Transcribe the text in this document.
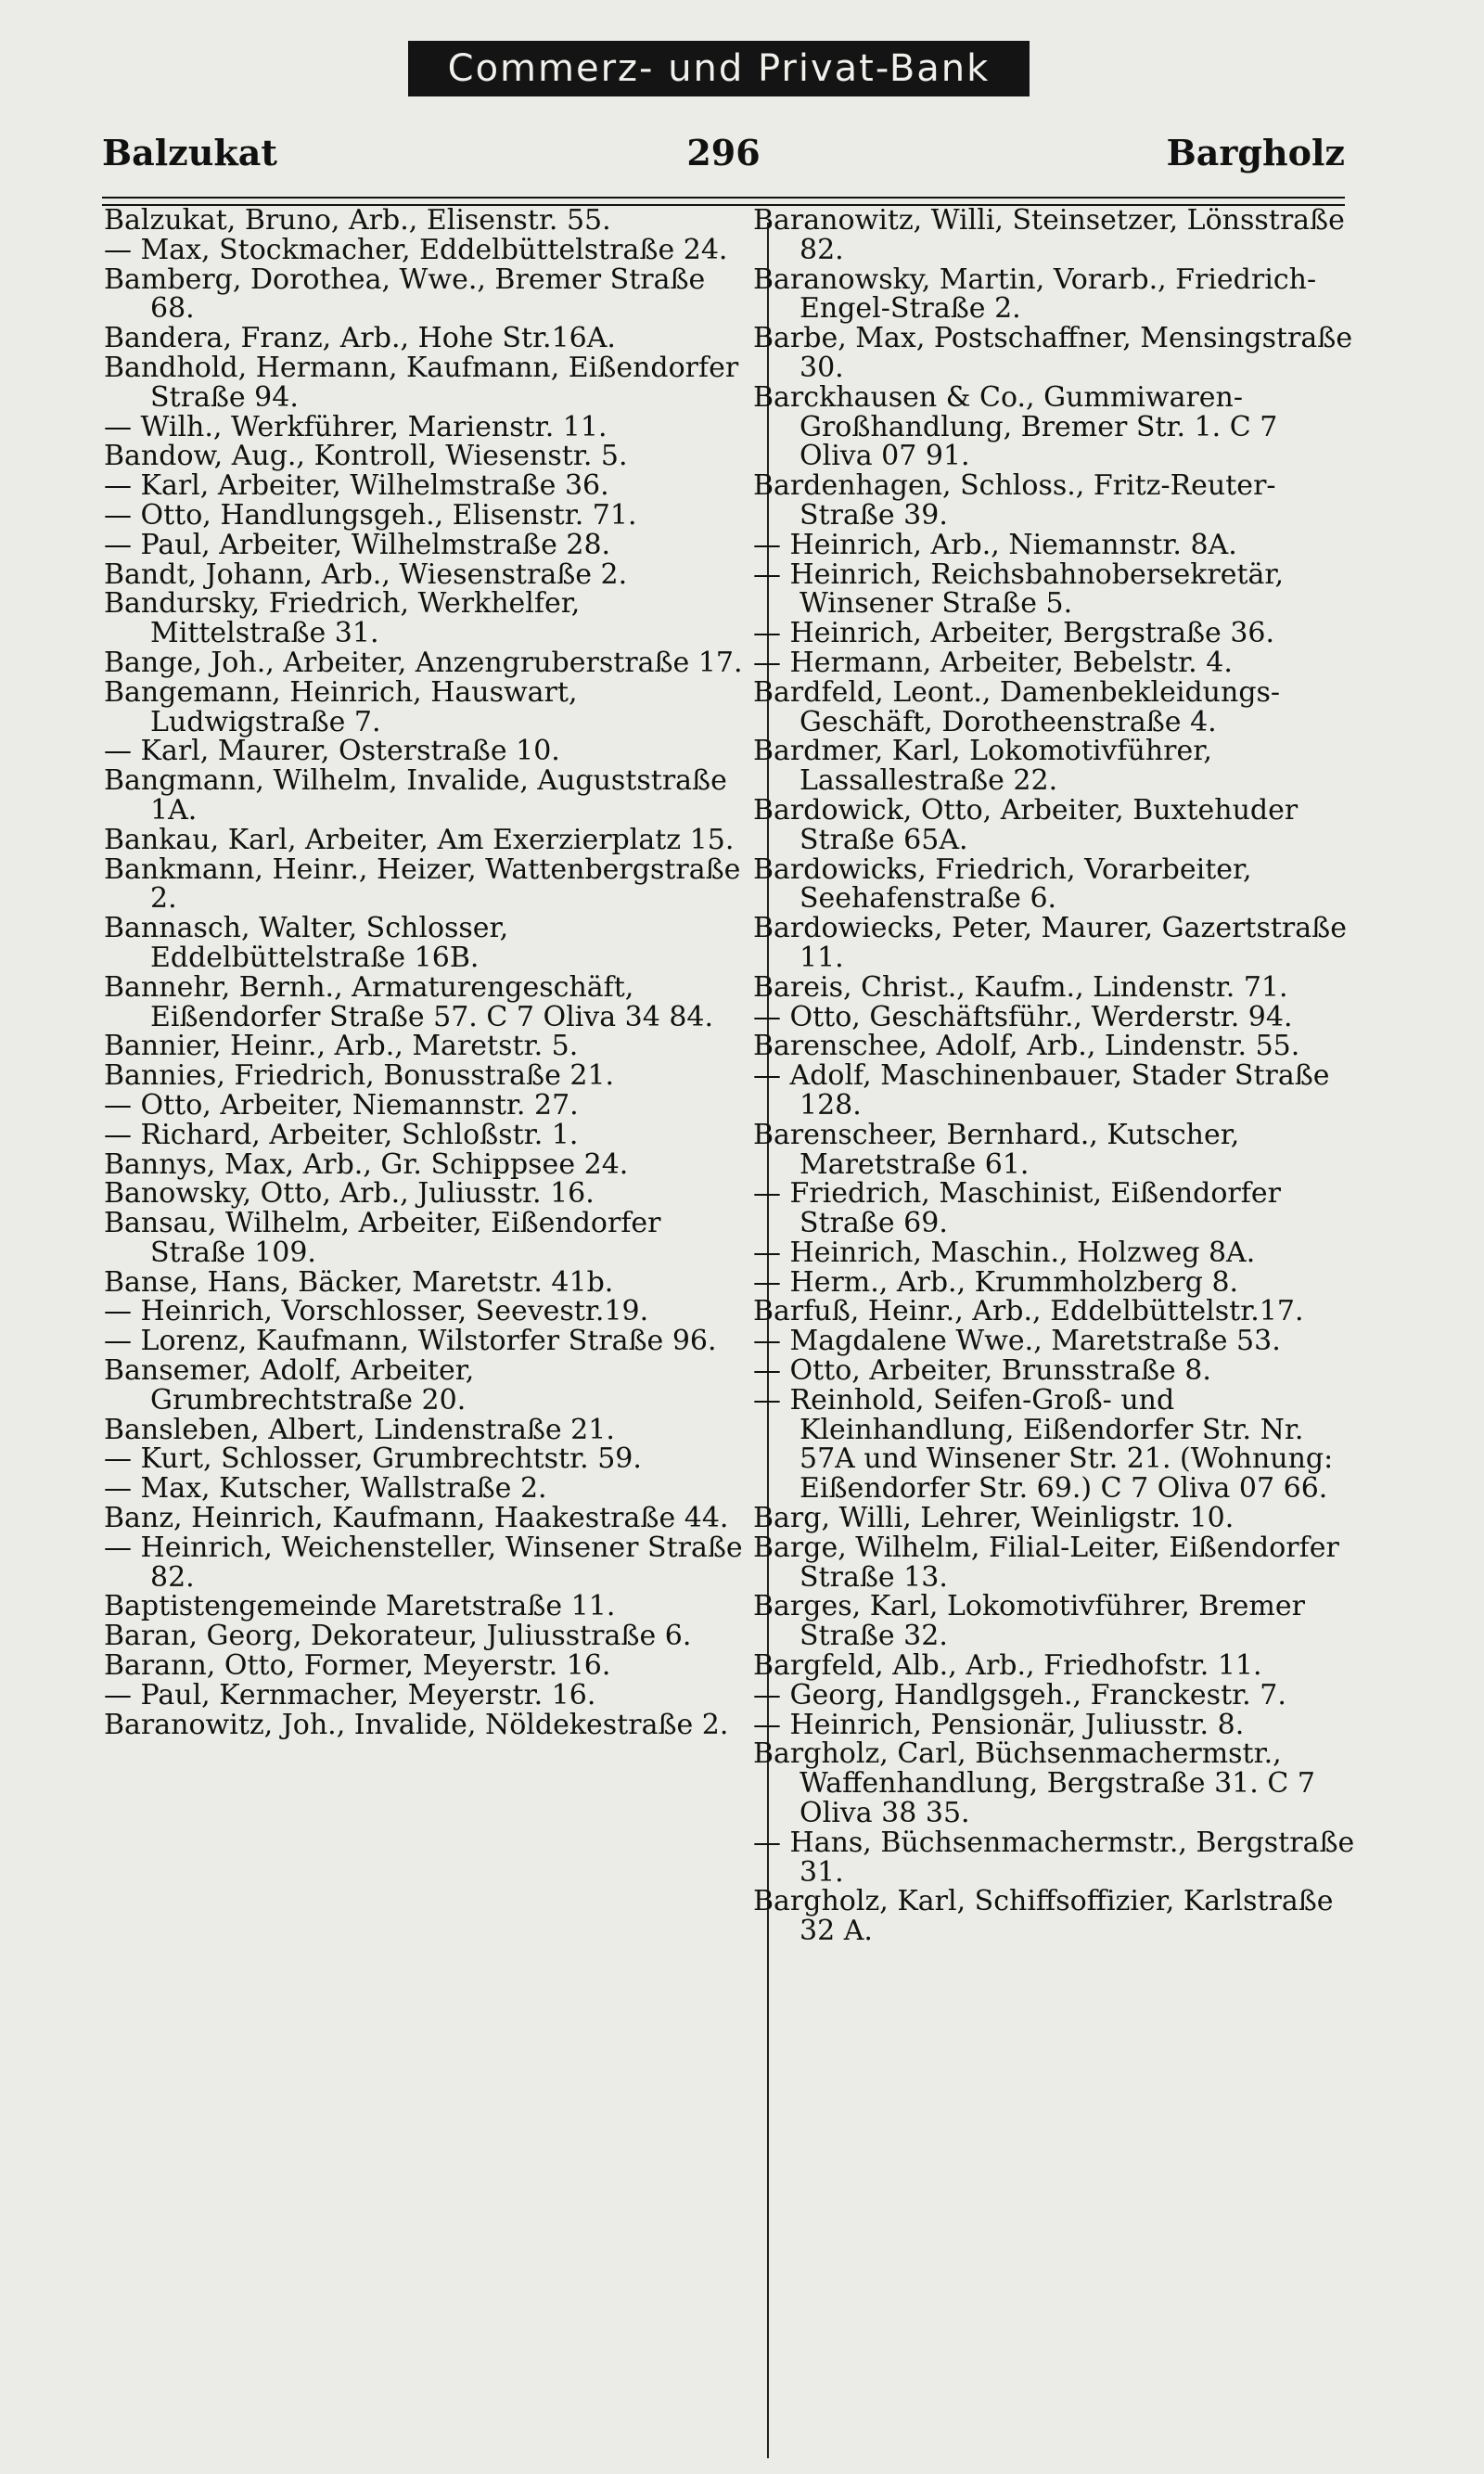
Commerz- und Privat-Bank
Balzukat	296	Bargholz

Balzukat, Bruno, Arb., Elisenstr. 55.

— Max, Stockmacher, Eddelbüttelstraße 24.

Bamberg, Dorothea, Wwe., Bremer Straße 68.

Bandera, Franz, Arb., Hohe Str.16A.

Bandhold, Hermann, Kaufmann, Eißendorfer Straße 94.

— Wilh., Werkführer, Marienstr. 11.

Bandow, Aug., Kontroll, Wiesenstr. 5.

— Karl, Arbeiter, Wilhelmstraße 36.

— Otto, Handlungsgeh., Elisenstr. 71.

— Paul, Arbeiter, Wilhelmstraße 28.

Bandt, Johann, Arb., Wiesenstraße 2.

Bandursky, Friedrich, Werkhelfer, Mittelstraße 31.

Bange, Joh., Arbeiter, Anzengruberstraße 17.

Bangemann, Heinrich, Hauswart, Ludwigstraße 7.

— Karl, Maurer, Osterstraße 10.

Bangmann, Wilhelm, Invalide, Auguststraße 1A.

Bankau, Karl, Arbeiter, Am Exerzierplatz 15.

Bankmann, Heinr., Heizer, Wattenbergstraße 2.

Bannasch, Walter, Schlosser, Eddelbüttelstraße 16B.

Bannehr, Bernh., Armaturengeschäft, Eißendorfer Straße 57. C 7 Oliva 34 84.

Bannier, Heinr., Arb., Maretstr. 5.

Bannies, Friedrich, Bonusstraße 21.

— Otto, Arbeiter, Niemannstr. 27.

— Richard, Arbeiter, Schloßstr. 1.

Bannys, Max, Arb., Gr. Schippsee 24.

Banowsky, Otto, Arb., Juliusstr. 16.

Bansau, Wilhelm, Arbeiter, Eißendorfer Straße 109.

Banse, Hans, Bäcker, Maretstr. 41b.

— Heinrich, Vorschlosser, Seevestr.19.

— Lorenz, Kaufmann, Wilstorfer Straße 96.

Bansemer, Adolf, Arbeiter, Grumbrechtstraße 20.

Bansleben, Albert, Lindenstraße 21.

— Kurt, Schlosser, Grumbrechtstr. 59.

— Max, Kutscher, Wallstraße 2.

Banz, Heinrich, Kaufmann, Haakestraße 44.

— Heinrich, Weichensteller, Winsener Straße 82.

Baptistengemeinde Maretstraße 11.

Baran, Georg, Dekorateur, Juliusstraße 6.

Barann, Otto, Former, Meyerstr. 16.

— Paul, Kernmacher, Meyerstr. 16.

Baranowitz, Joh., Invalide, Nöldekestraße 2.

Baranowitz, Willi, Steinsetzer, Lönsstraße 82.

Baranowsky, Martin, Vorarb., Friedrich-Engel-Straße 2.

Barbe, Max, Postschaffner, Mensingstraße 30.

Barckhausen & Co., Gummiwaren-Großhandlung, Bremer Str. 1. C 7 Oliva 07 91.

Bardenhagen, Schloss., Fritz-Reuter-Straße 39.

— Heinrich, Arb., Niemannstr. 8A.

— Heinrich, Reichsbahnobersekretär, Winsener Straße 5.

— Heinrich, Arbeiter, Bergstraße 36.

— Hermann, Arbeiter, Bebelstr. 4.

Bardfeld, Leont., Damenbekleidungs-Geschäft, Dorotheenstraße 4.

Bardmer, Karl, Lokomotivführer, Lassallestraße 22.

Bardowick, Otto, Arbeiter, Buxtehuder Straße 65A.

Bardowicks, Friedrich, Vorarbeiter, Seehafenstraße 6.

Bardowiecks, Peter, Maurer, Gazertstraße 11.

Bareis, Christ., Kaufm., Lindenstr. 71.

— Otto, Geschäftsführ., Werderstr. 94.

Barenschee, Adolf, Arb., Lindenstr. 55.

— Adolf, Maschinenbauer, Stader Straße 128.

Barenscheer, Bernhard., Kutscher, Maretstraße 61.

— Friedrich, Maschinist, Eißendorfer Straße 69.

— Heinrich, Maschin., Holzweg 8A.

— Herm., Arb., Krummholzberg 8.

Barfuß, Heinr., Arb., Eddelbüttelstr.17.

— Magdalene Wwe., Maretstraße 53.

— Otto, Arbeiter, Brunsstraße 8.

— Reinhold, Seifen-Groß- und Kleinhandlung, Eißendorfer Str. Nr. 57A und Winsener Str. 21. (Wohnung: Eißendorfer Str. 69.) C 7 Oliva 07 66.

Barg, Willi, Lehrer, Weinligstr. 10.

Barge, Wilhelm, Filial-Leiter, Eißendorfer Straße 13.

Barges, Karl, Lokomotivführer, Bremer Straße 32.

Bargfeld, Alb., Arb., Friedhofstr. 11.

— Georg, Handlgsgeh., Franckestr. 7.

— Heinrich, Pensionär, Juliusstr. 8.

Bargholz, Carl, Büchsenmachermstr., Waffenhandlung, Bergstraße 31. C 7 Oliva 38 35.

— Hans, Büchsenmachermstr., Bergstraße 31.

Bargholz, Karl, Schiffsoffizier, Karlstraße 32 A.
